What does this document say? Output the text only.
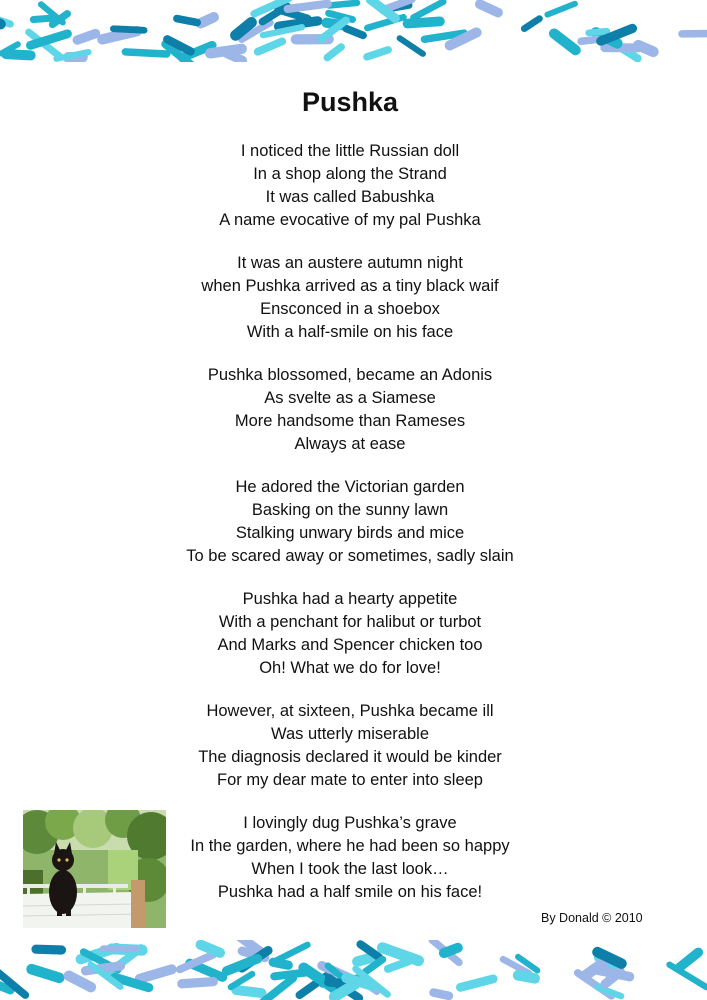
Pushka
I noticed the little Russian doll
In a shop along the Strand
It was called Babushka
A name evocative of my pal Pushka
It was an austere autumn night
when Pushka arrived as a tiny black waif
Ensconced in a shoebox
With a half-smile on his face
Pushka blossomed, became an Adonis
As svelte as a Siamese
More handsome than Rameses
Always at ease
He adored the Victorian garden
Basking on the sunny lawn
Stalking unwary birds and mice
To be scared away or sometimes, sadly slain
Pushka had a hearty appetite
With a penchant for halibut or turbot
And Marks and Spencer chicken too
Oh! What we do for love!
However, at sixteen, Pushka became ill
Was utterly miserable
The diagnosis declared it would be kinder
For my dear mate to enter into sleep
I lovingly dug Pushka’s grave
In the garden, where he had been so happy
When I took the last look…
Pushka had a half smile on his face!
By Donald © 2010
